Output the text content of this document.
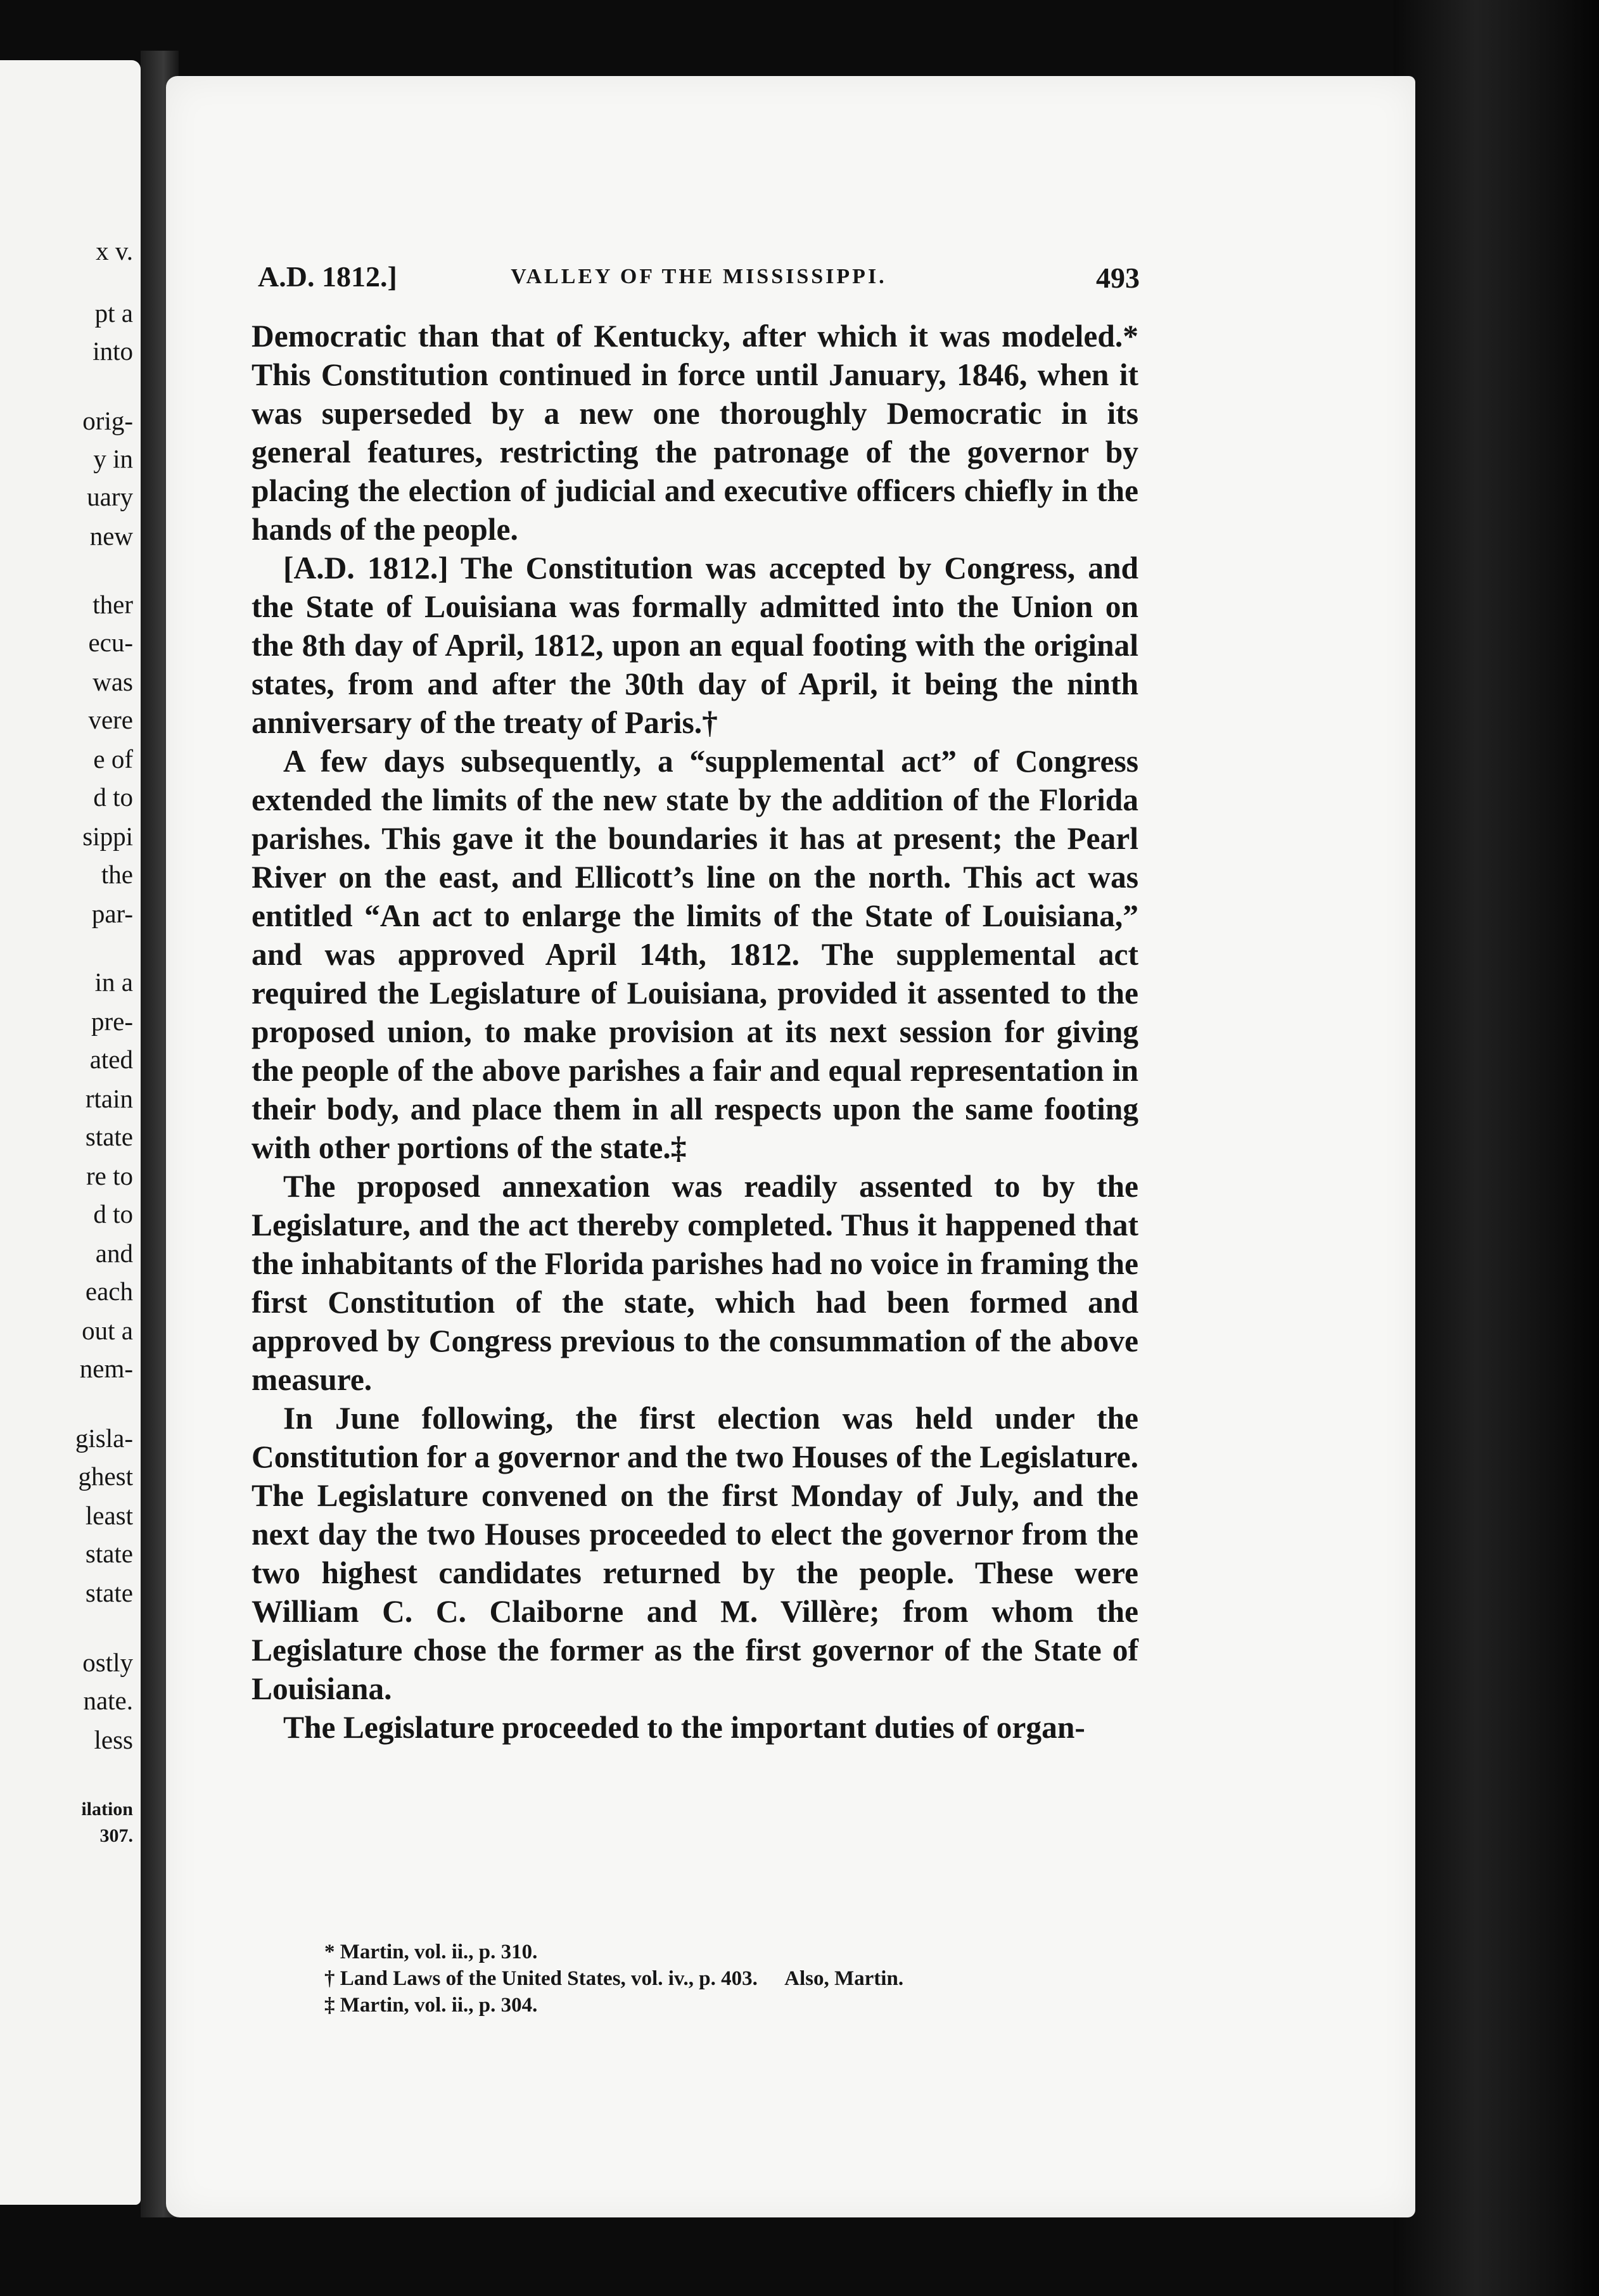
x v.
pt a
into
orig-
y in
uary
new
ther
ecu-
was
vere
e of
d to
sippi
the
par-
in a
pre-
ated
rtain
state
re to
d to
and
each
out a
nem-
gisla-
ghest
least
state
state
ostly
nate.
less
ilation
307.
A.D. 1812.]	VALLEY OF THE MISSISSIPPI.	493

Democratic than that of Kentucky, after which it was modeled.* This Constitution continued in force until January, 1846, when it was superseded by a new one thoroughly Democratic in its general features, restricting the patronage of the governor by placing the election of judicial and executive officers chiefly in the hands of the people.

[A.D. 1812.] The Constitution was accepted by Congress, and the State of Louisiana was formally admitted into the Union on the 8th day of April, 1812, upon an equal footing with the original states, from and after the 30th day of April, it being the ninth anniversary of the treaty of Paris.†

A few days subsequently, a “supplemental act” of Congress extended the limits of the new state by the addition of the Florida parishes. This gave it the boundaries it has at present; the Pearl River on the east, and Ellicott’s line on the north. This act was entitled “An act to enlarge the limits of the State of Louisiana,” and was approved April 14th, 1812. The supplemental act required the Legislature of Louisiana, provided it assented to the proposed union, to make provision at its next session for giving the people of the above parishes a fair and equal representation in their body, and place them in all respects upon the same footing with other portions of the state.‡

The proposed annexation was readily assented to by the Legislature, and the act thereby completed. Thus it happened that the inhabitants of the Florida parishes had no voice in framing the first Constitution of the state, which had been formed and approved by Congress previous to the consummation of the above measure.

In June following, the first election was held under the Constitution for a governor and the two Houses of the Legislature. The Legislature convened on the first Monday of July, and the next day the two Houses proceeded to elect the governor from the two highest candidates returned by the people. These were William C. C. Claiborne and M. Villère; from whom the Legislature chose the former as the first governor of the State of Louisiana.

The Legislature proceeded to the important duties of organ-

* Martin, vol. ii., p. 310.
† Land Laws of the United States, vol. iv., p. 403. Also, Martin.
‡ Martin, vol. ii., p. 304.
